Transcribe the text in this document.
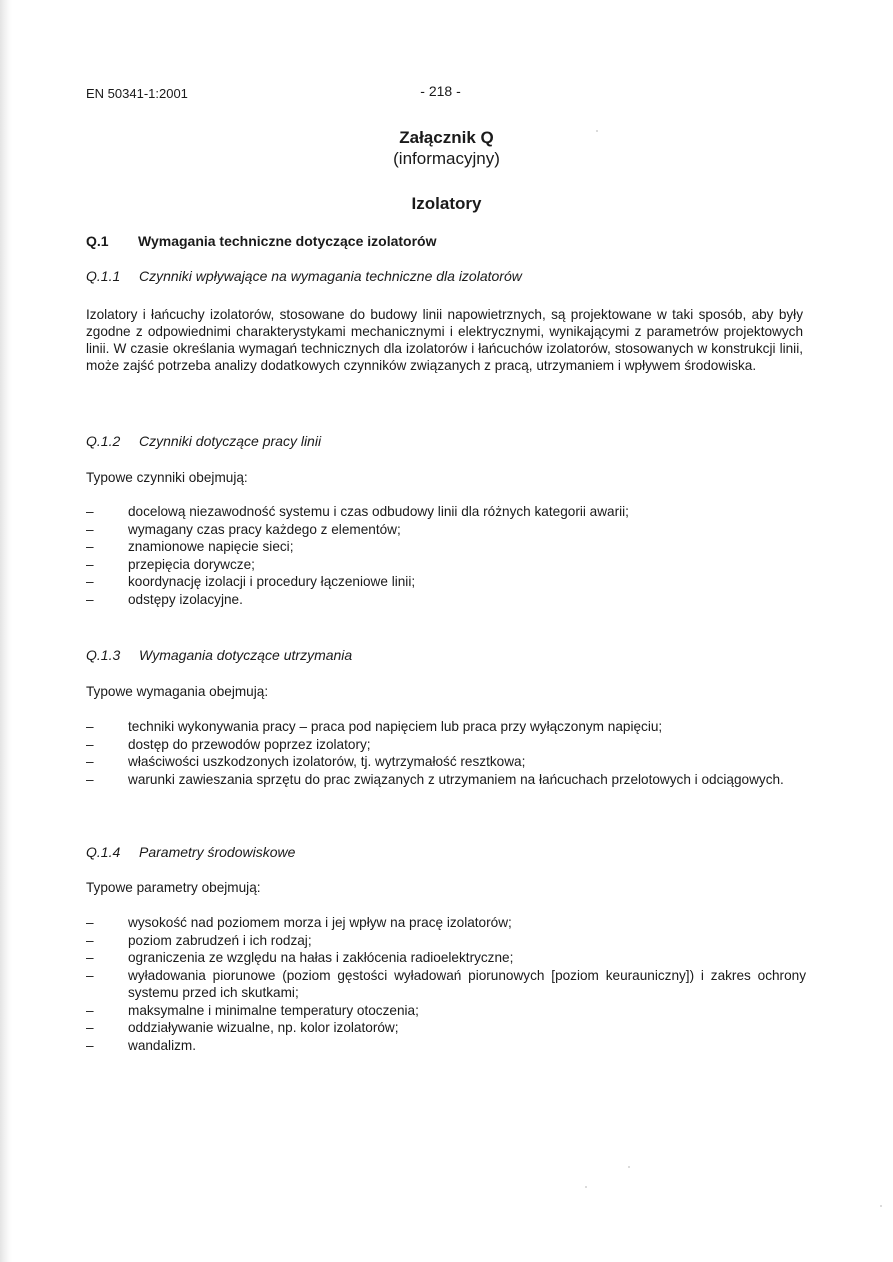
EN 50341-1:2001	- 218 -
Załącznik Q
(informacyjny)
Izolatory
Q.1 Wymagania techniczne dotyczące izolatorów
Q.1.1 Czynniki wpływające na wymagania techniczne dla izolatorów
Izolatory i łańcuchy izolatorów, stosowane do budowy linii napowietrznych, są projektowane w taki sposób, aby były zgodne z odpowiednimi charakterystykami mechanicznymi i elektrycznymi, wynikającymi z parametrów projektowych linii. W czasie określania wymagań technicznych dla izolatorów i łańcuchów izolatorów, stosowanych w konstrukcji linii, może zajść potrzeba analizy dodatkowych czynników związanych z pracą, utrzymaniem i wpływem środowiska.
Q.1.2 Czynniki dotyczące pracy linii
Typowe czynniki obejmują:
–	docelową niezawodność systemu i czas odbudowy linii dla różnych kategorii awarii;
–	wymagany czas pracy każdego z elementów;
–	znamionowe napięcie sieci;
–	przepięcia dorywcze;
–	koordynację izolacji i procedury łączeniowe linii;
–	odstępy izolacyjne.
Q.1.3 Wymagania dotyczące utrzymania
Typowe wymagania obejmują:
–	techniki wykonywania pracy – praca pod napięciem lub praca przy wyłączonym napięciu;
–	dostęp do przewodów poprzez izolatory;
–	właściwości uszkodzonych izolatorów, tj. wytrzymałość resztkowa;
–	warunki zawieszania sprzętu do prac związanych z utrzymaniem na łańcuchach przelotowych i odciągowych.
Q.1.4 Parametry środowiskowe
Typowe parametry obejmują:
–	wysokość nad poziomem morza i jej wpływ na pracę izolatorów;
–	poziom zabrudzeń i ich rodzaj;
–	ograniczenia ze względu na hałas i zakłócenia radioelektryczne;
–	wyładowania piorunowe (poziom gęstości wyładowań piorunowych [poziom keurauniczny]) i zakres ochrony systemu przed ich skutkami;
–	maksymalne i minimalne temperatury otoczenia;
–	oddziaływanie wizualne, np. kolor izolatorów;
–	wandalizm.
